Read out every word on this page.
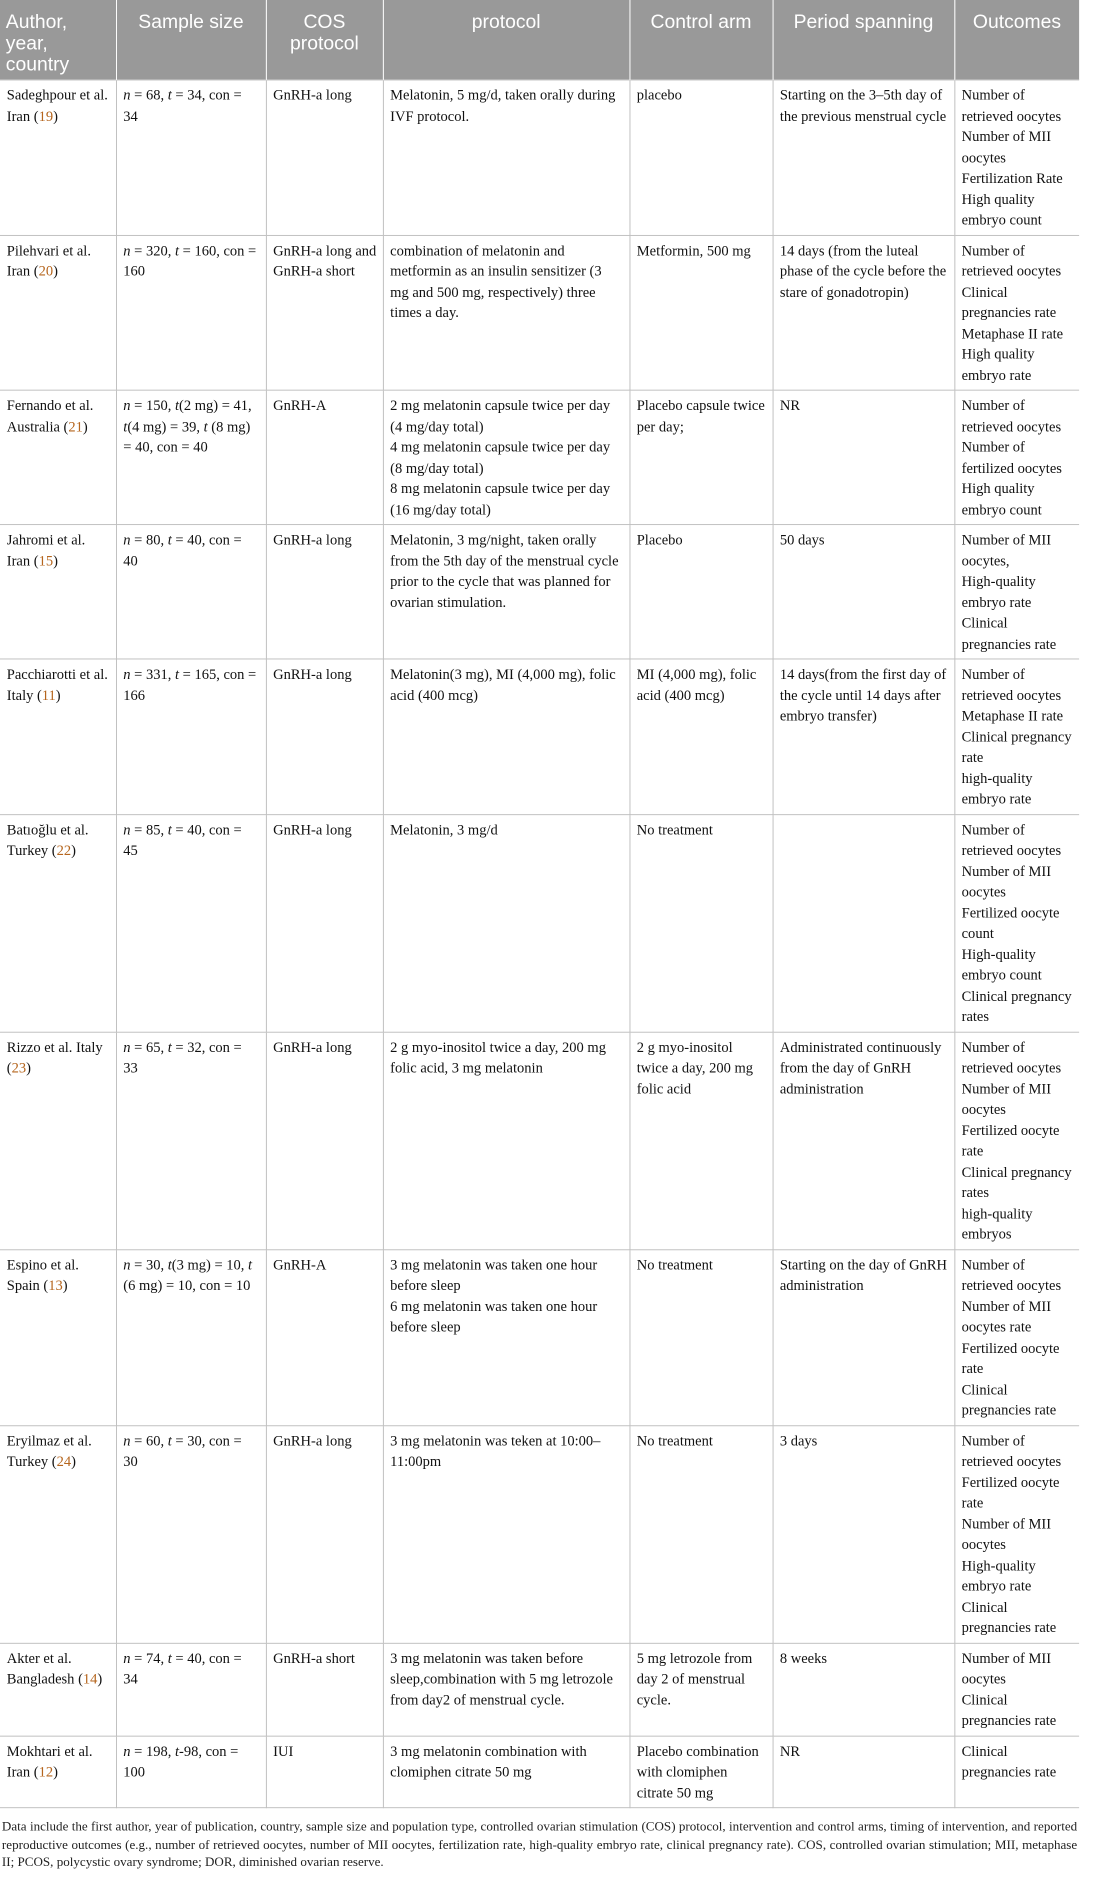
Author, year, country	Sample size	COS protocol	protocol	Control arm	Period spanning	Outcomes
Sadeghpour et al. Iran (19)	n = 68, t = 34, con = 34	GnRH-a long	Melatonin, 5 mg/d, taken orally during IVF protocol.	placebo	Starting on the 3–5th day of the previous menstrual cycle	Number of retrieved oocytes
Number of MII oocytes
Fertilization Rate
High quality embryo count

Pilehvari et al. Iran (20)	n = 320, t = 160, con = 160	GnRH-a long and GnRH-a short	combination of melatonin and metformin as an insulin sensitizer (3 mg and 500 mg, respectively) three times a day.	Metformin, 500 mg	14 days (from the luteal phase of the cycle before the stare of gonadotropin)	Number of retrieved oocytes
Clinical pregnancies rate
Metaphase II rate
High quality embryo rate

Fernando et al. Australia (21)	n = 150, t(2 mg) = 41, t(4 mg) = 39, t (8 mg) = 40, con = 40	GnRH-A	2 mg melatonin capsule twice per day (4 mg/day total)
4 mg melatonin capsule twice per day (8 mg/day total)
8 mg melatonin capsule twice per day (16 mg/day total)	Placebo capsule twice per day;	NR	Number of retrieved oocytes
Number of fertilized oocytes
High quality embryo count

Jahromi et al. Iran (15)	n = 80, t = 40, con = 40	GnRH-a long	Melatonin, 3 mg/night, taken orally from the 5th day of the menstrual cycle prior to the cycle that was planned for ovarian stimulation.	Placebo	50 days	Number of MII oocytes,
High-quality embryo rate
Clinical pregnancies rate

Pacchiarotti et al. Italy (11)	n = 331, t = 165, con = 166	GnRH-a long	Melatonin(3 mg), MI (4,000 mg), folic acid (400 mcg)	MI (4,000 mg), folic acid (400 mcg)	14 days(from the first day of the cycle until 14 days after embryo transfer)	Number of retrieved oocytes
Metaphase II rate
Clinical pregnancy rate
high-quality embryo rate

Batıoğlu et al. Turkey (22)	n = 85, t = 40, con = 45	GnRH-a long	Melatonin, 3 mg/d	No treatment		Number of retrieved oocytes
Number of MII oocytes
Fertilized oocyte count
High-quality embryo count
Clinical pregnancy rates

Rizzo et al. Italy (23)	n = 65, t = 32, con = 33	GnRH-a long	2 g myo-inositol twice a day, 200 mg folic acid, 3 mg melatonin	2 g myo-inositol twice a day, 200 mg folic acid	Administrated continuously from the day of GnRH administration	Number of retrieved oocytes
Number of MII oocytes
Fertilized oocyte rate
Clinical pregnancy rates
high-quality embryos

Espino et al. Spain (13)	n = 30, t(3 mg) = 10, t (6 mg) = 10, con = 10	GnRH-A	3 mg melatonin was taken one hour before sleep
6 mg melatonin was taken one hour before sleep	No treatment	Starting on the day of GnRH administration	Number of retrieved oocytes
Number of MII oocytes rate
Fertilized oocyte rate
Clinical pregnancies rate

Eryilmaz et al. Turkey (24)	n = 60, t = 30, con = 30	GnRH-a long	3 mg melatonin was teken at 10:00–11:00pm	No treatment	3 days	Number of retrieved oocytes
Fertilized oocyte rate
Number of MII oocytes
High-quality embryo rate
Clinical pregnancies rate

Akter et al. Bangladesh (14)	n = 74, t = 40, con = 34	GnRH-a short	3 mg melatonin was taken before sleep,combination with 5 mg letrozole from day2 of menstrual cycle.	5 mg letrozole from day 2 of menstrual cycle.	8 weeks	Number of MII oocytes
Clinical pregnancies rate

Mokhtari et al. Iran (12)	n = 198, t-98, con = 100	IUI	3 mg melatonin combination with clomiphen citrate 50 mg	Placebo combination with clomiphen citrate 50 mg	NR	Clinical pregnancies rate
Data include the first author, year of publication, country, sample size and population type, controlled ovarian stimulation (COS) protocol, intervention and control arms, timing of intervention, and reported reproductive outcomes (e.g., number of retrieved oocytes, number of MII oocytes, fertilization rate, high-quality embryo rate, clinical pregnancy rate). COS, controlled ovarian stimulation; MII, metaphase II; PCOS, polycystic ovary syndrome; DOR, diminished ovarian reserve.
